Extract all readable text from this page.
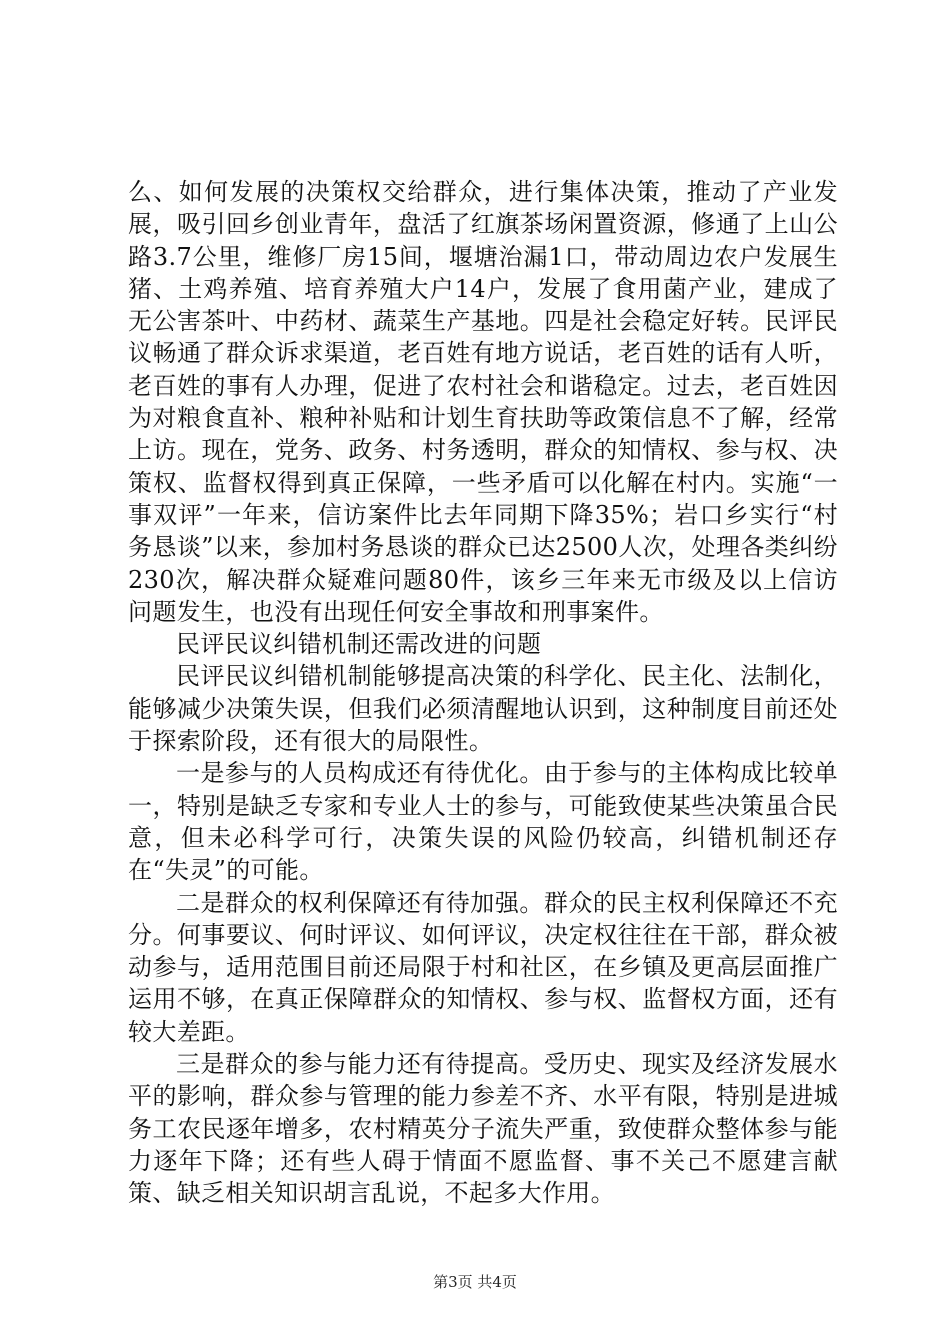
么、如何发展的决策权交给群众，进行集体决策，推动了产业发展，吸引回乡创业青年，盘活了红旗茶场闲置资源，修通了上山公路3.7公里，维修厂房15间，堰塘治漏1口，带动周边农户发展生猪、土鸡养殖、培育养殖大户14户，发展了食用菌产业，建成了无公害茶叶、中药材、蔬菜生产基地。四是社会稳定好转。民评民议畅通了群众诉求渠道，老百姓有地方说话，老百姓的话有人听，老百姓的事有人办理，促进了农村社会和谐稳定。过去，老百姓因为对粮食直补、粮种补贴和计划生育扶助等政策信息不了解，经常上访。现在，党务、政务、村务透明，群众的知情权、参与权、决策权、监督权得到真正保障，一些矛盾可以化解在村内。实施“一事双评”一年来，信访案件比去年同期下降35%；岩口乡实行“村务恳谈”以来，参加村务恳谈的群众已达2500人次，处理各类纠纷230次，解决群众疑难问题80件，该乡三年来无市级及以上信访问题发生，也没有出现任何安全事故和刑事案件。

民评民议纠错机制还需改进的问题

民评民议纠错机制能够提高决策的科学化、民主化、法制化，能够减少决策失误，但我们必须清醒地认识到，这种制度目前还处于探索阶段，还有很大的局限性。

一是参与的人员构成还有待优化。由于参与的主体构成比较单一，特别是缺乏专家和专业人士的参与，可能致使某些决策虽合民意，但未必科学可行，决策失误的风险仍较高，纠错机制还存在“失灵”的可能。

二是群众的权利保障还有待加强。群众的民主权利保障还不充分。何事要议、何时评议、如何评议，决定权往往在干部，群众被动参与，适用范围目前还局限于村和社区，在乡镇及更高层面推广运用不够，在真正保障群众的知情权、参与权、监督权方面，还有较大差距。

三是群众的参与能力还有待提高。受历史、现实及经济发展水平的影响，群众参与管理的能力参差不齐、水平有限，特别是进城务工农民逐年增多，农村精英分子流失严重，致使群众整体参与能力逐年下降；还有些人碍于情面不愿监督、事不关己不愿建言献策、缺乏相关知识胡言乱说，不起多大作用。

第3页 共4页
